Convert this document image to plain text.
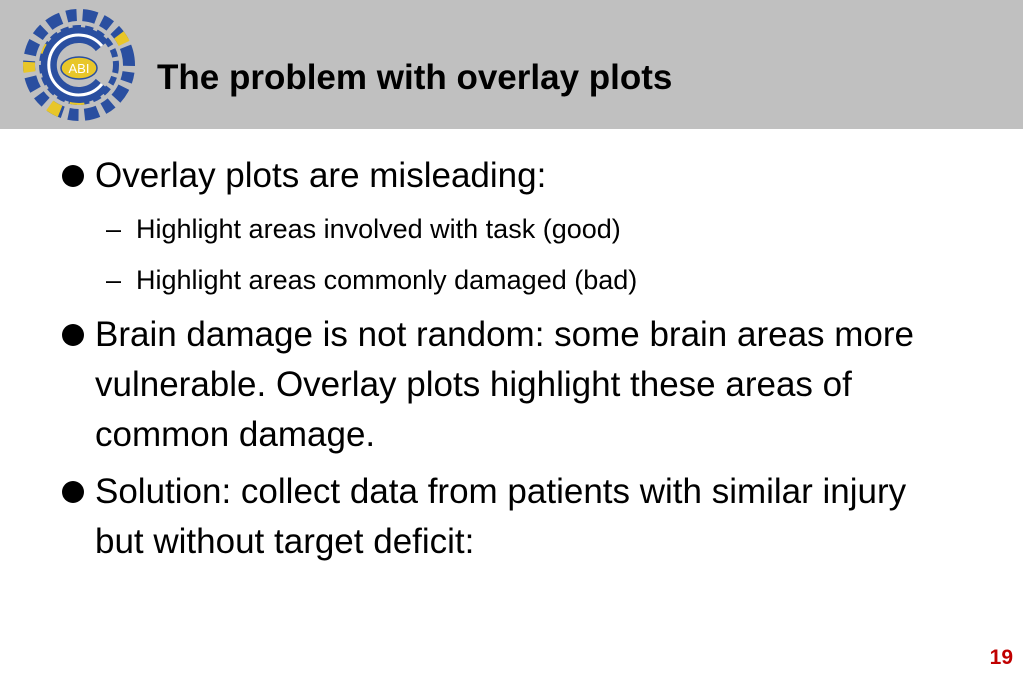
ABI The problem with overlay plots
Overlay plots are misleading:
– Highlight areas involved with task (good)
– Highlight areas commonly damaged (bad)
Brain damage is not random: some brain areas more vulnerable. Overlay plots highlight these areas of common damage.
Solution: collect data from patients with similar injury but without target deficit:
19
